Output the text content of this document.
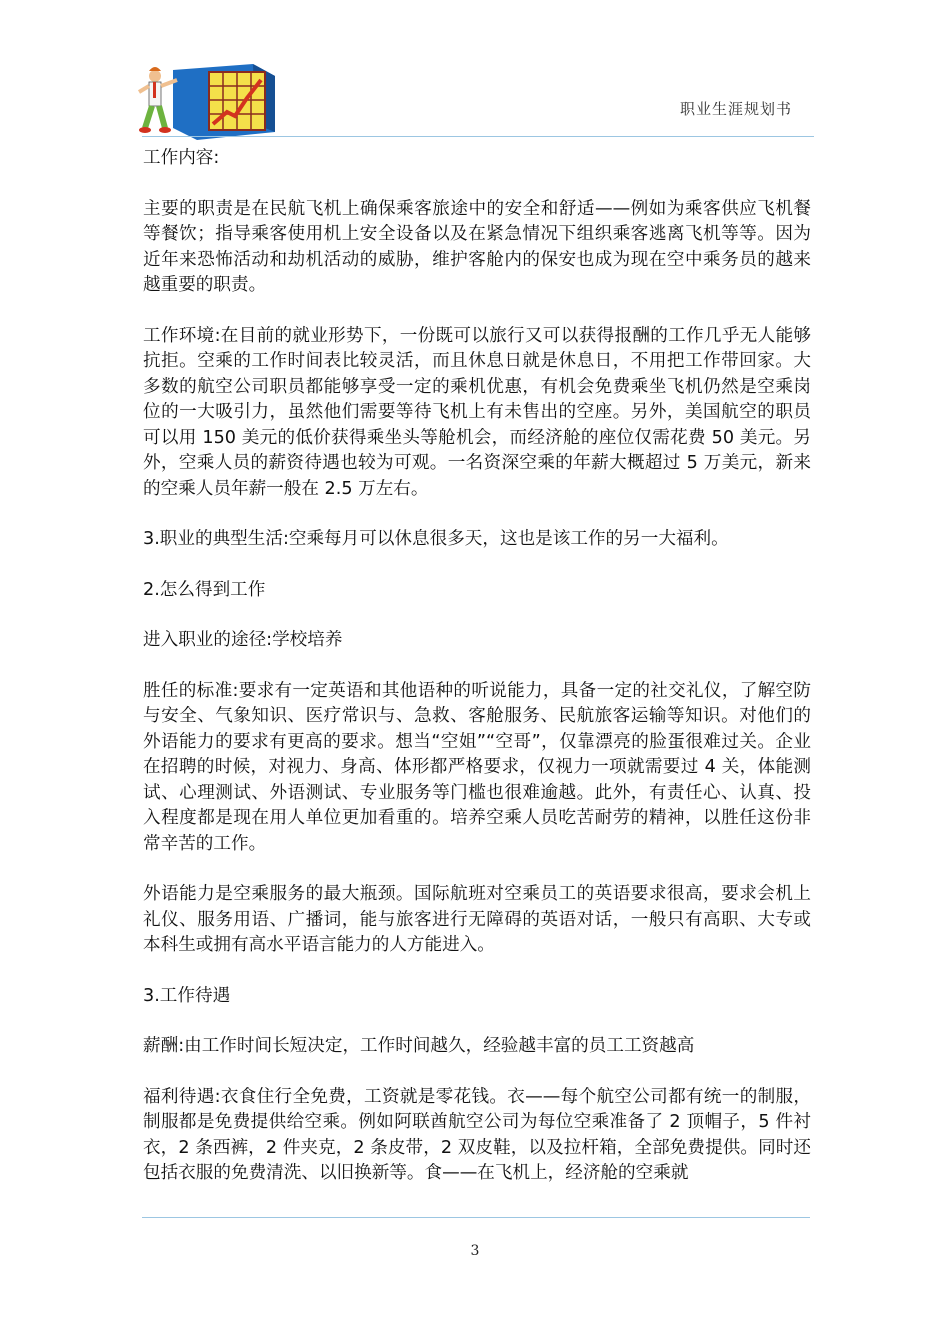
职业生涯规划书

工作内容:

主要的职责是在民航飞机上确保乘客旅途中的安全和舒适——例如为乘客供应飞机餐等餐饮；指导乘客使用机上安全设备以及在紧急情况下组织乘客逃离飞机等等。因为近年来恐怖活动和劫机活动的威胁，维护客舱内的保安也成为现在空中乘务员的越来越重要的职责。

工作环境:在目前的就业形势下，一份既可以旅行又可以获得报酬的工作几乎无人能够抗拒。空乘的工作时间表比较灵活，而且休息日就是休息日，不用把工作带回家。大多数的航空公司职员都能够享受一定的乘机优惠，有机会免费乘坐飞机仍然是空乘岗位的一大吸引力，虽然他们需要等待飞机上有未售出的空座。另外，美国航空的职员可以用 150 美元的低价获得乘坐头等舱机会，而经济舱的座位仅需花费 50 美元。另外，空乘人员的薪资待遇也较为可观。一名资深空乘的年薪大概超过 5 万美元，新来的空乘人员年薪一般在 2.5 万左右。

3.职业的典型生活:空乘每月可以休息很多天，这也是该工作的另一大福利。

2.怎么得到工作

进入职业的途径:学校培养

胜任的标准:要求有一定英语和其他语种的听说能力，具备一定的社交礼仪，了解空防与安全、气象知识、医疗常识与、急救、客舱服务、民航旅客运输等知识。对他们的外语能力的要求有更高的要求。想当“空姐”“空哥”，仅靠漂亮的脸蛋很难过关。企业在招聘的时候，对视力、身高、体形都严格要求，仅视力一项就需要过 4 关，体能测试、心理测试、外语测试、专业服务等门槛也很难逾越。此外，有责任心、认真、投入程度都是现在用人单位更加看重的。培养空乘人员吃苦耐劳的精神，以胜任这份非常辛苦的工作。

外语能力是空乘服务的最大瓶颈。国际航班对空乘员工的英语要求很高，要求会机上礼仪、服务用语、广播词，能与旅客进行无障碍的英语对话，一般只有高职、大专或本科生或拥有高水平语言能力的人方能进入。

3.工作待遇

薪酬:由工作时间长短决定，工作时间越久，经验越丰富的员工工资越高

福利待遇:衣食住行全免费，工资就是零花钱。衣——每个航空公司都有统一的制服，制服都是免费提供给空乘。例如阿联酋航空公司为每位空乘准备了 2 顶帽子，5 件衬衣，2 条西裤，2 件夹克，2 条皮带，2 双皮鞋，以及拉杆箱，全部免费提供。同时还包括衣服的免费清洗、以旧换新等。食——在飞机上，经济舱的空乘就

3
